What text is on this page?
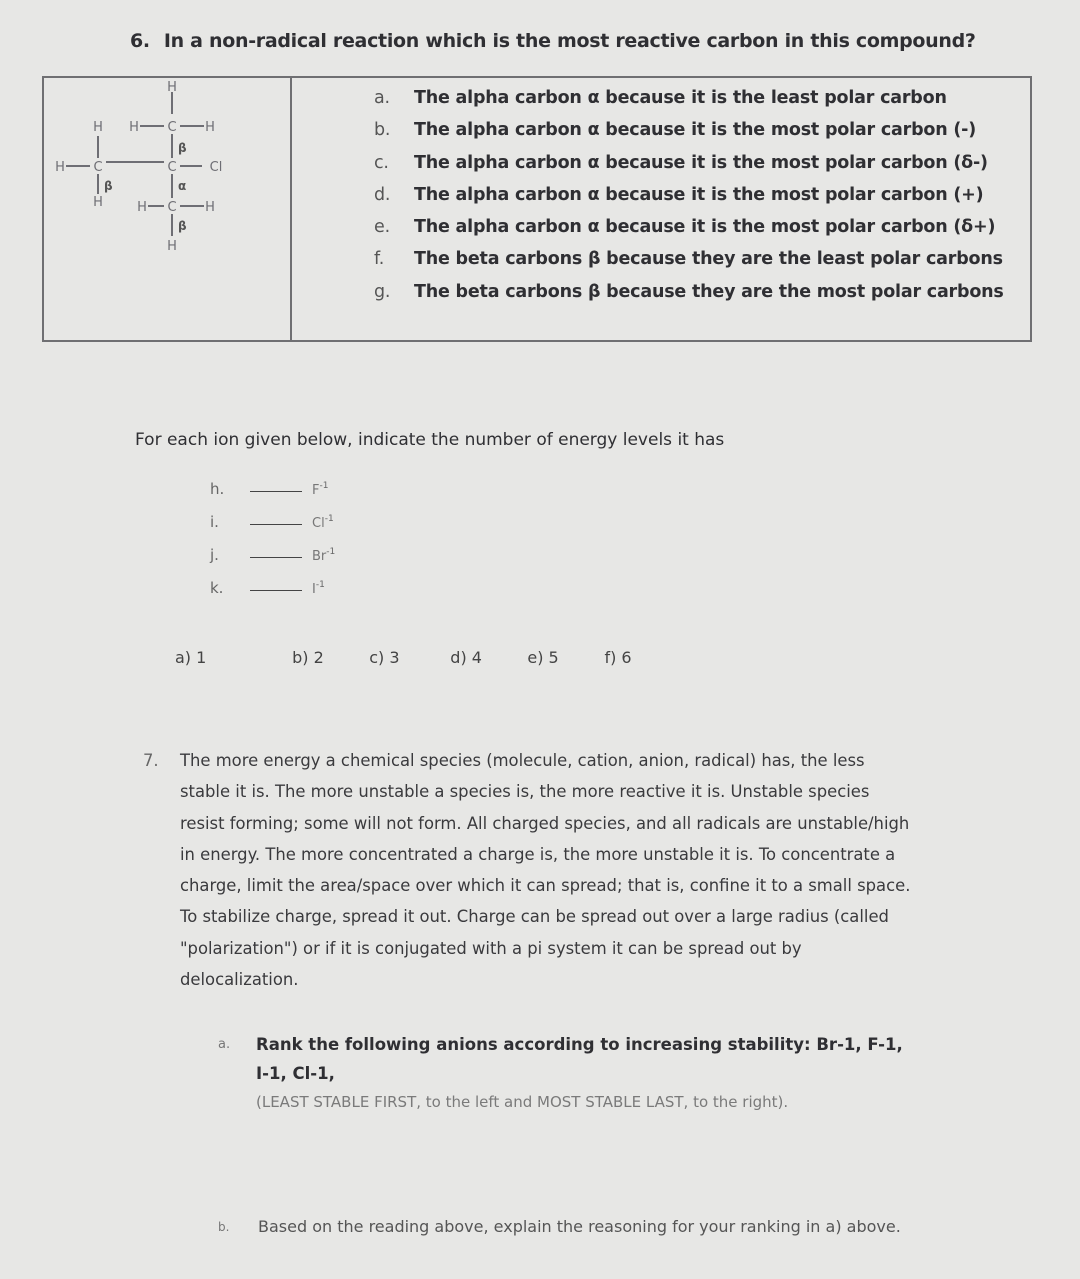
6. In a non-radical reaction which is the most reactive carbon in this compound?
H
H C H
H
H C	C	Cl
H	H C H
H
β
α
β
β
a. The alpha carbon α because it is the least polar carbon
b. The alpha carbon α because it is the most polar carbon (-)
c. The alpha carbon α because it is the most polar carbon (δ-)
d. The alpha carbon α because it is the most polar carbon (+)
e. The alpha carbon α because it is the most polar carbon (δ+)
f. The beta carbons β because they are the least polar carbons
g. The beta carbons β because they are the most polar carbons
For each ion given below, indicate the number of energy levels it has
h.	$F^{-1}$
i.	$Cl^{-1}$
j.	$Br^{-1}$
k.	$I^{-1}$
a) 1	b) 2	c) 3	d) 4	e) 5	f) 6
7. The more energy a chemical species (molecule, cation, anion, radical) has, the less stable it is. The more unstable a species is, the more reactive it is. Unstable species resist forming; some will not form. All charged species, and all radicals are unstable/high in energy. The more concentrated a charge is, the more unstable it is. To concentrate a charge, limit the area/space over which it can spread; that is, confine it to a small space. To stabilize charge, spread it out. Charge can be spread out over a large radius (called "polarization") or if it is conjugated with a pi system it can be spread out by delocalization.
a. Rank the following anions according to increasing stability: Br-1, F-1, I-1, Cl-1,
(LEAST STABLE FIRST, to the left and MOST STABLE LAST, to the right).
b. Based on the reading above, explain the reasoning for your ranking in a) above.
